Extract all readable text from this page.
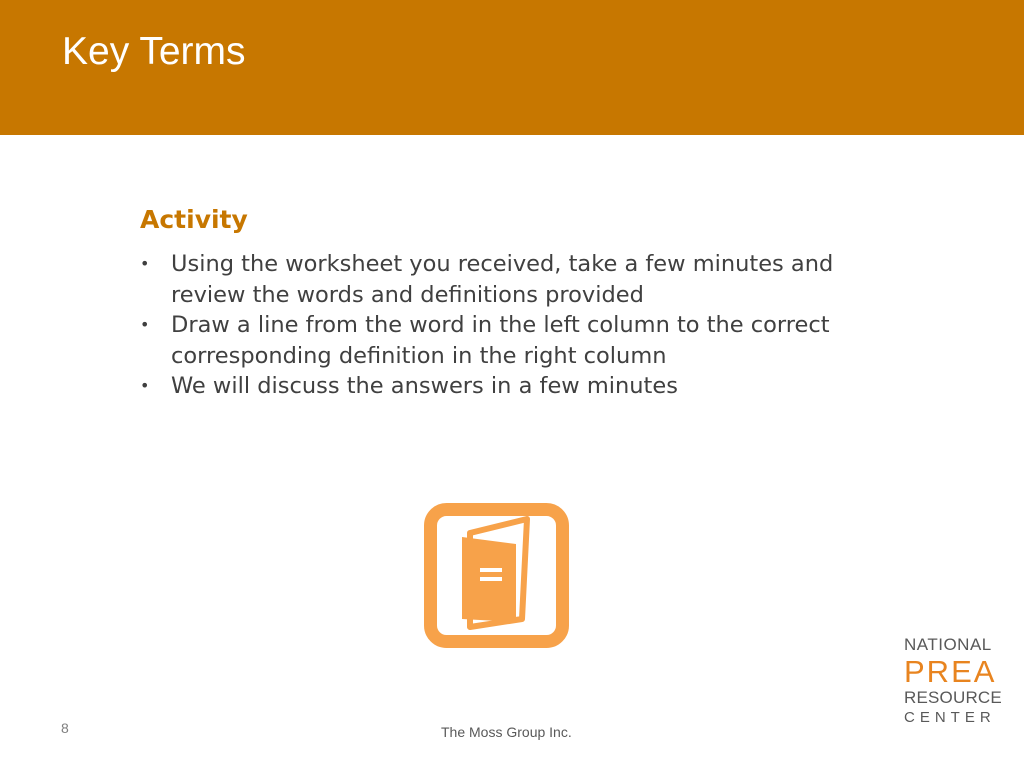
Key Terms
Activity
• Using the worksheet you received, take a few minutes and review the words and definitions provided
• Draw a line from the word in the left column to the correct corresponding definition in the right column
• We will discuss the answers in a few minutes
8	The Moss Group Inc.
NATIONAL
PREA
RESOURCE
CENTER
